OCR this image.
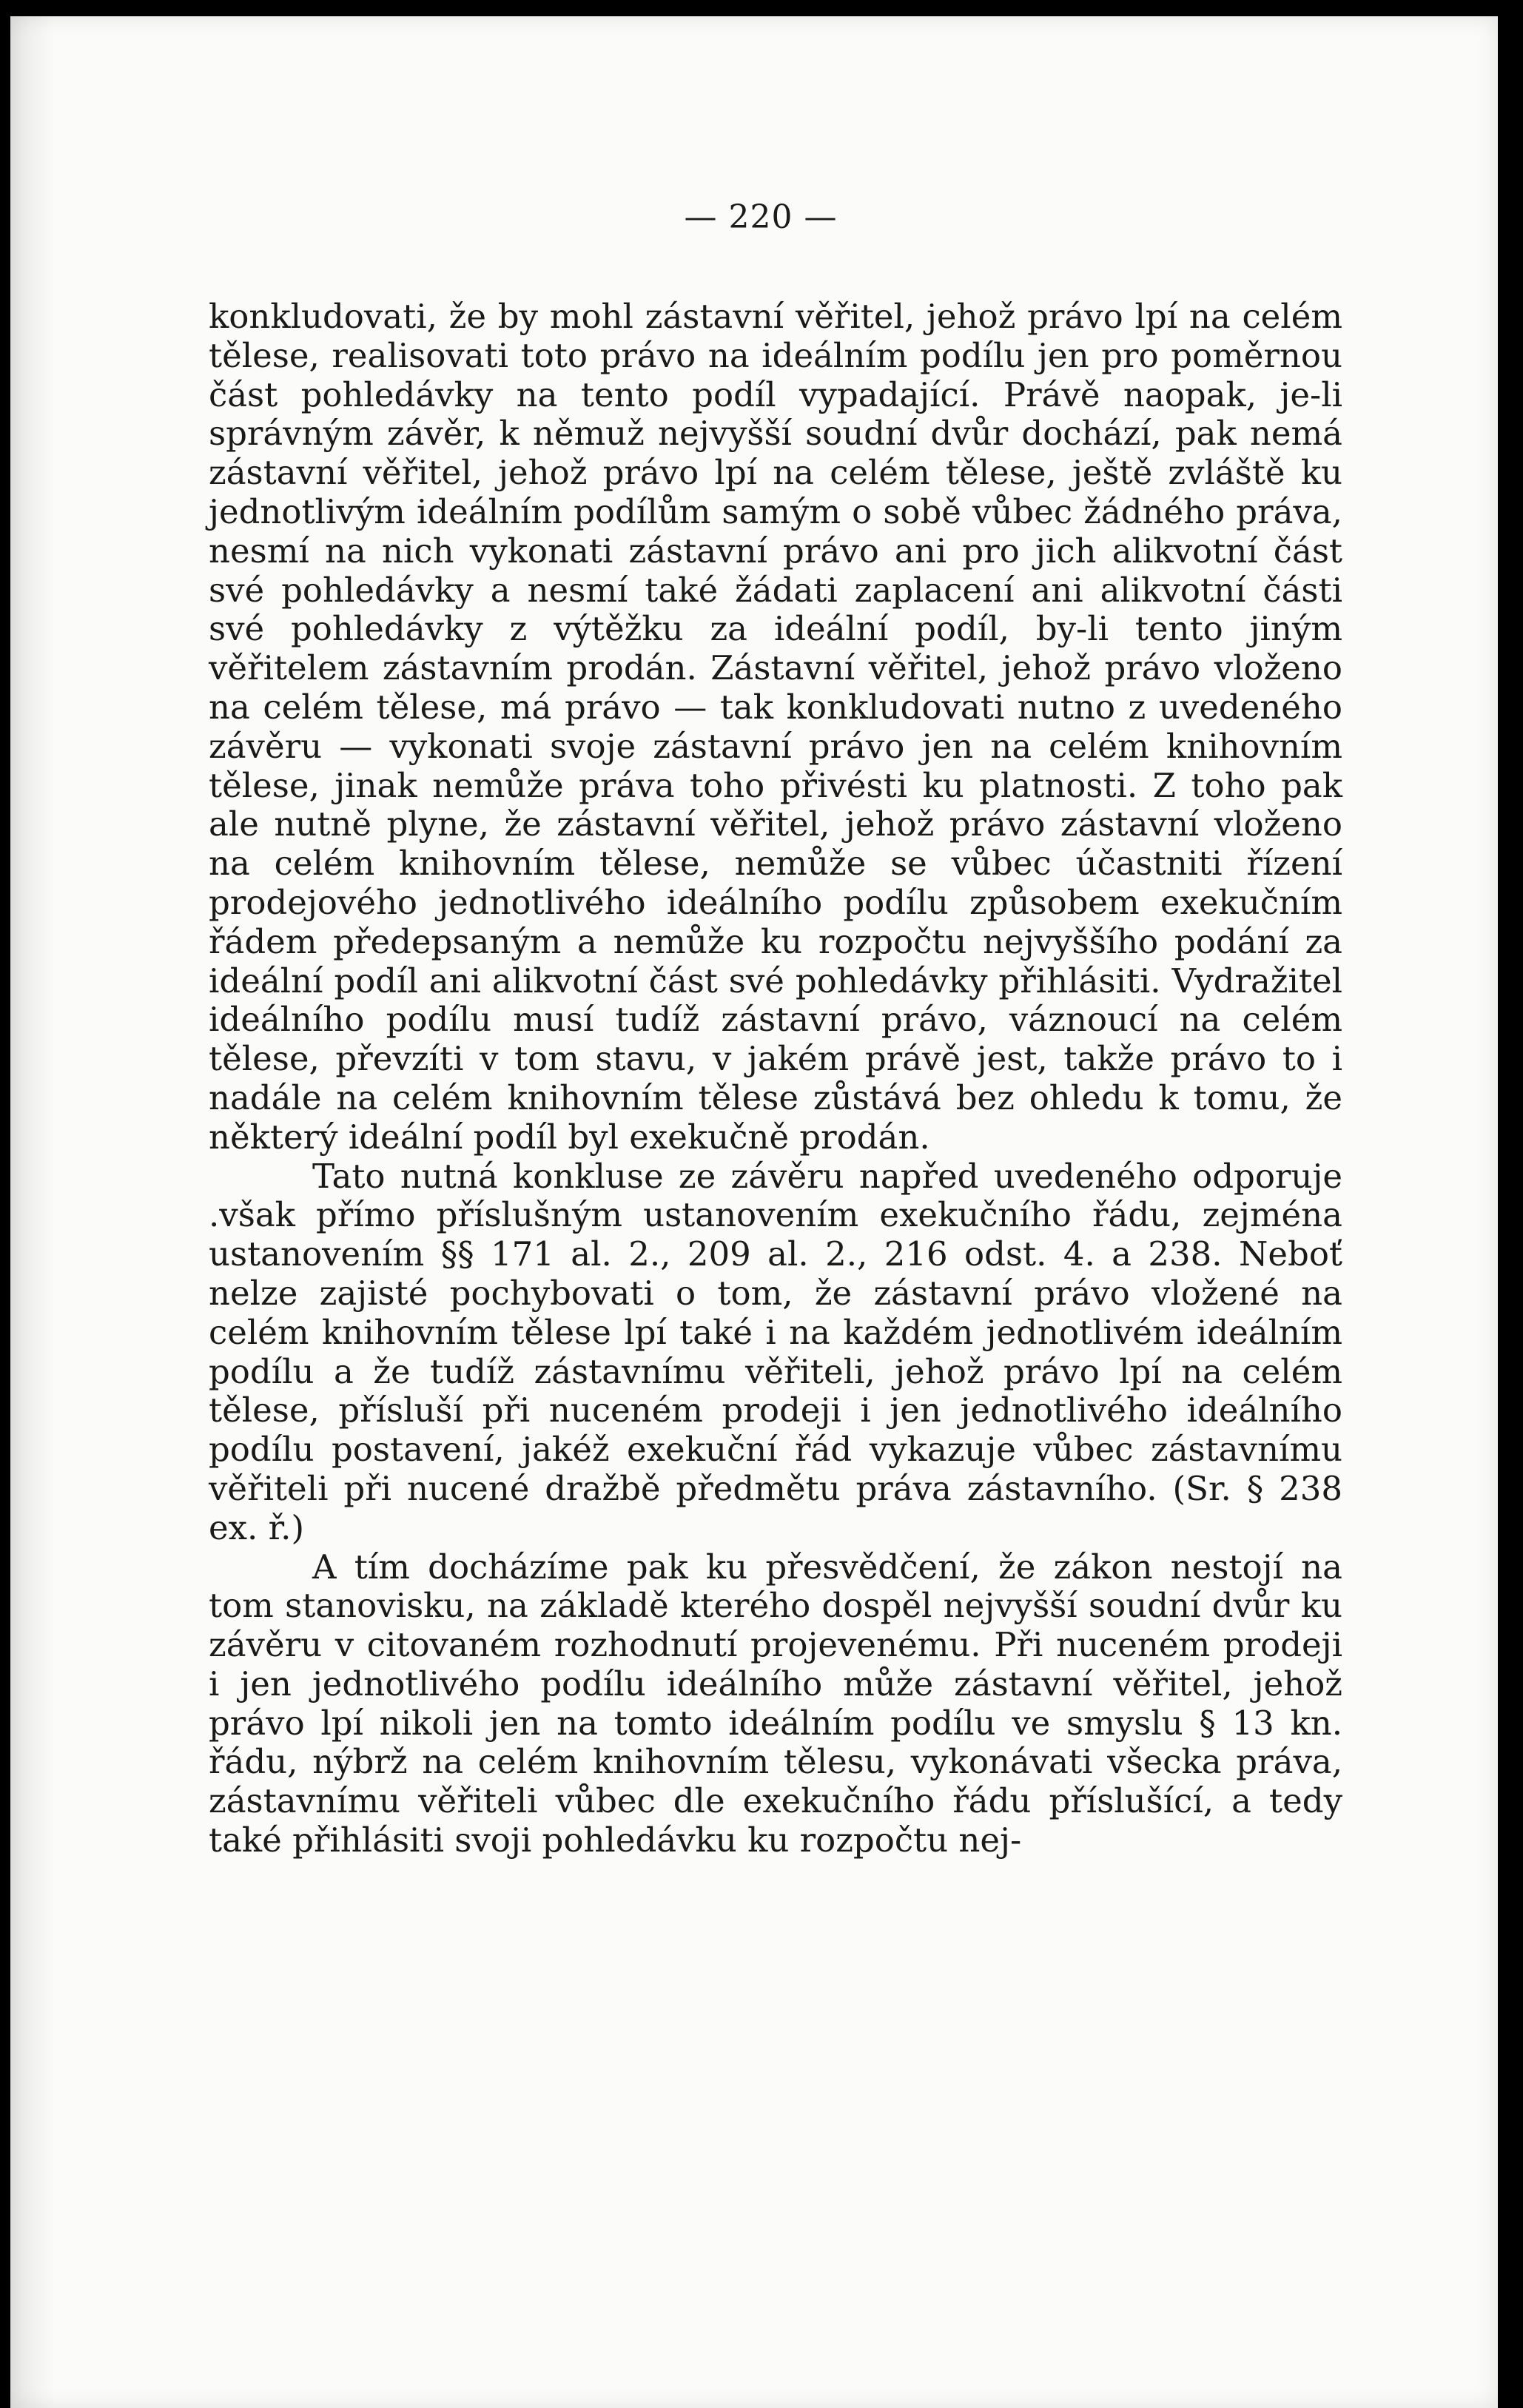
— 220 —

konkludovati, že by mohl zástavní věřitel, jehož právo lpí na celém tělese, realisovati toto právo na ideálním podílu jen pro poměrnou část pohledávky na tento podíl vypadající. Právě naopak, je-li správným závěr, k němuž nejvyšší soudní dvůr dochází, pak nemá zástavní věřitel, jehož právo lpí na celém tělese, ještě zvláště ku jednotlivým ideálním podílům samým o sobě vůbec žádného práva, nesmí na nich vykonati zástavní právo ani pro jich alikvotní část své pohledávky a nesmí také žádati zaplacení ani alikvotní části své pohledávky z výtěžku za ideální podíl, by-li tento jiným věřitelem zástavním prodán. Zástavní věřitel, jehož právo vloženo na celém tělese, má právo — tak konkludovati nutno z uvedeného závěru — vykonati svoje zástavní právo jen na celém knihovním tělese, jinak nemůže práva toho přivésti ku platnosti. Z toho pak ale nutně plyne, že zástavní věřitel, jehož právo zástavní vloženo na celém knihovním tělese, nemůže se vůbec účastniti řízení prodejového jednotlivého ideálního podílu způsobem exekučním řádem předepsaným a nemůže ku rozpočtu nejvyššího podání za ideální podíl ani alikvotní část své pohledávky přihlásiti. Vydražitel ideálního podílu musí tudíž zástavní právo, váznoucí na celém tělese, převzíti v tom stavu, v jakém právě jest, takže právo to i nadále na celém knihovním tělese zůstává bez ohledu k tomu, že některý ideální podíl byl exekučně prodán.

Tato nutná konkluse ze závěru napřed uvedeného odporuje .však přímo příslušným ustanovením exekučního řádu, zejména ustanovením §§ 171 al. 2., 209 al. 2., 216 odst. 4. a 238. Neboť nelze zajisté pochybovati o tom, že zástavní právo vložené na celém knihovním tělese lpí také i na každém jednotlivém ideálním podílu a že tudíž zástavnímu věřiteli, jehož právo lpí na celém tělese, přísluší při nuceném prodeji i jen jednotlivého ideálního podílu postavení, jakéž exekuční řád vykazuje vůbec zástavnímu věřiteli při nucené dražbě předmětu práva zástavního. (Sr. § 238 ex. ř.)

A tím docházíme pak ku přesvědčení, že zákon nestojí na tom stanovisku, na základě kterého dospěl nejvyšší soudní dvůr ku závěru v citovaném rozhodnutí projevenému. Při nuceném prodeji i jen jednotlivého podílu ideálního může zástavní věřitel, jehož právo lpí nikoli jen na tomto ideálním podílu ve smyslu § 13 kn. řádu, nýbrž na celém knihovním tělesu, vykonávati všecka práva, zástavnímu věřiteli vůbec dle exekučního řádu příslušící, a tedy také přihlásiti svoji pohledávku ku rozpočtu nej-
